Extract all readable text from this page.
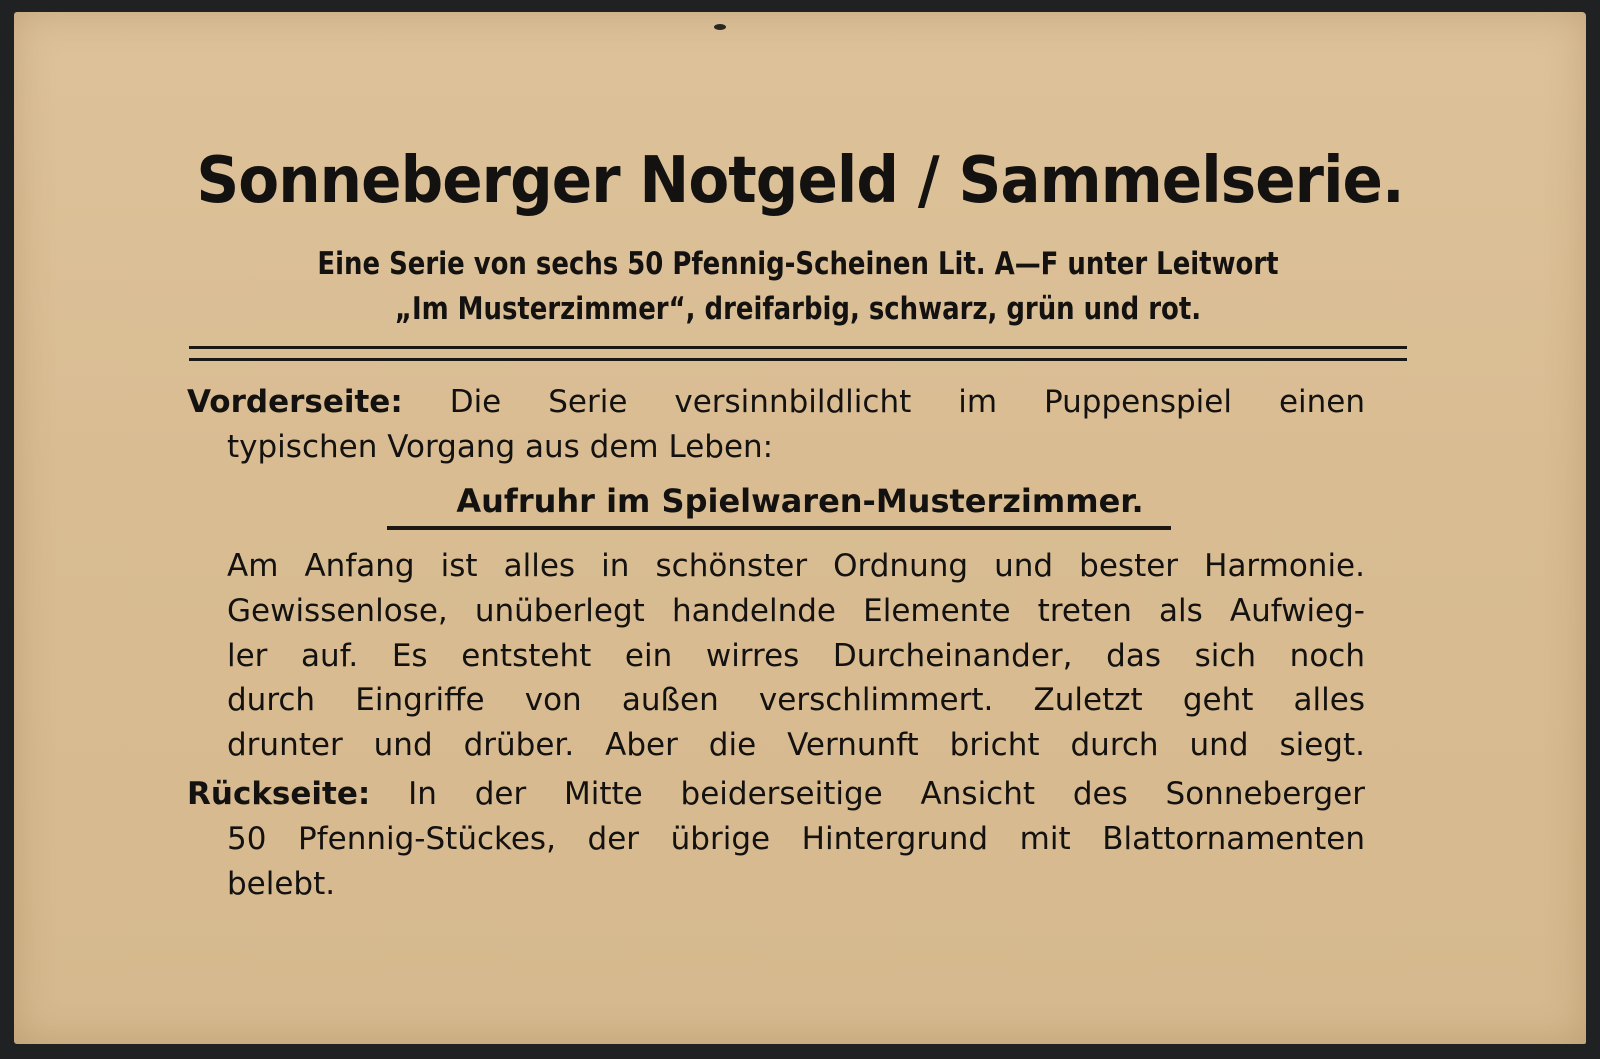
Sonneberger Notgeld / Sammelserie.
Eine Serie von sechs 50 Pfennig-Scheinen Lit. A—F unter Leitwort
„Im Musterzimmer“, dreifarbig, schwarz, grün und rot.
Vorderseite: Die Serie versinnbildlicht im Puppenspiel einen
typischen Vorgang aus dem Leben:
Aufruhr im Spielwaren-Musterzimmer.
Am Anfang ist alles in schönster Ordnung und bester Harmonie.
Gewissenlose, unüberlegt handelnde Elemente treten als Aufwieg-
ler auf. Es entsteht ein wirres Durcheinander, das sich noch
durch Eingriffe von außen verschlimmert. Zuletzt geht alles
drunter und drüber. Aber die Vernunft bricht durch und siegt.
Rückseite: In der Mitte beiderseitige Ansicht des Sonneberger
50 Pfennig-Stückes, der übrige Hintergrund mit Blattornamenten
belebt.
